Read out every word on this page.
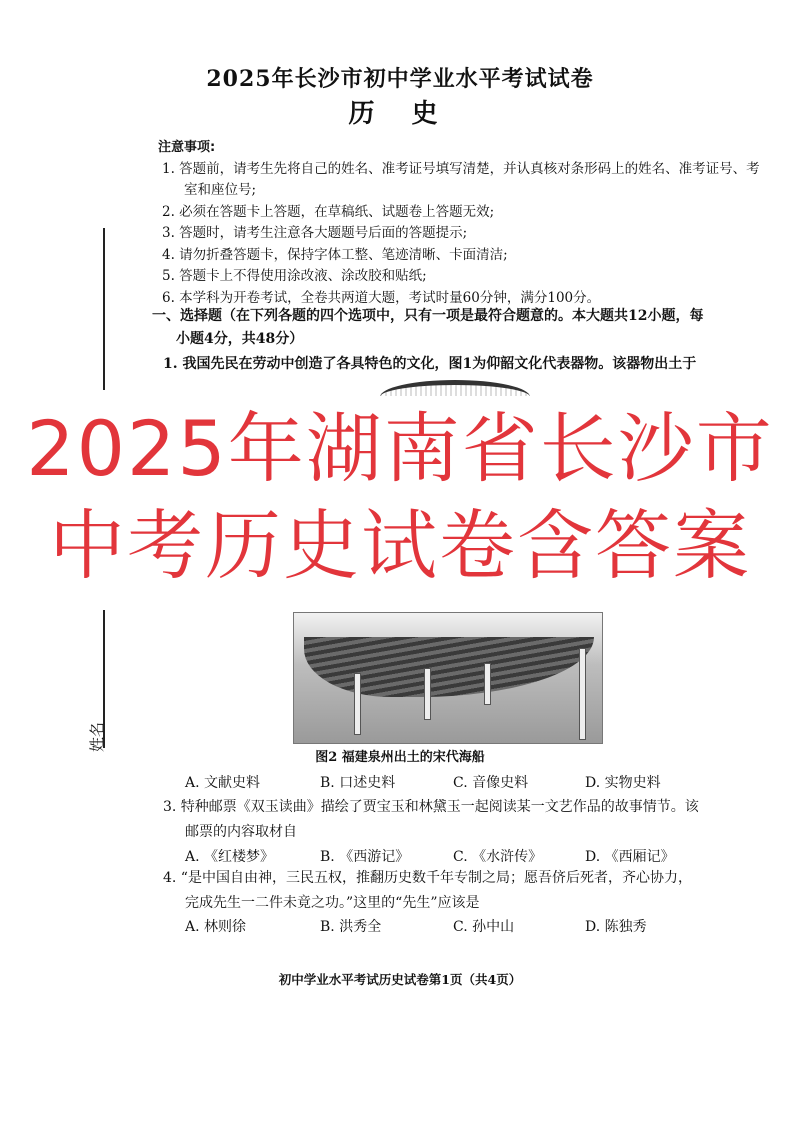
2025年长沙市初中学业水平考试试卷
历 史
姓名
注意事项:
1. 答题前，请考生先将自己的姓名、准考证号填写清楚，并认真核对条形码上的姓名、准考证号、考室和座位号;
2. 必须在答题卡上答题，在草稿纸、试题卷上答题无效;
3. 答题时，请考生注意各大题题号后面的答题提示;
4. 请勿折叠答题卡，保持字体工整、笔迹清晰、卡面清洁;
5. 答题卡上不得使用涂改液、涂改胶和贴纸;
6. 本学科为开卷考试，全卷共两道大题，考试时量60分钟，满分100分。
一、选择题（在下列各题的四个选项中，只有一项是最符合题意的。本大题共12小题，每
小题4分，共48分）
1. 我国先民在劳动中创造了各具特色的文化，图1为仰韶文化代表器物。该器物出土于
2025年湖南省长沙市
中考历史试卷含答案
图2 福建泉州出土的宋代海船
A. 文献史料	B. 口述史料	C. 音像史料	D. 实物史料
3. 特种邮票《双玉读曲》描绘了贾宝玉和林黛玉一起阅读某一文艺作品的故事情节。该
邮票的内容取材自
A. 《红楼梦》	B. 《西游记》	C. 《水浒传》	D. 《西厢记》
4. “是中国自由神，三民五权，推翻历史数千年专制之局；愿吾侪后死者，齐心协力，
完成先生一二件未竟之功。”这里的“先生”应该是
A. 林则徐	B. 洪秀全	C. 孙中山	D. 陈独秀
初中学业水平考试历史试卷第1页（共4页）
